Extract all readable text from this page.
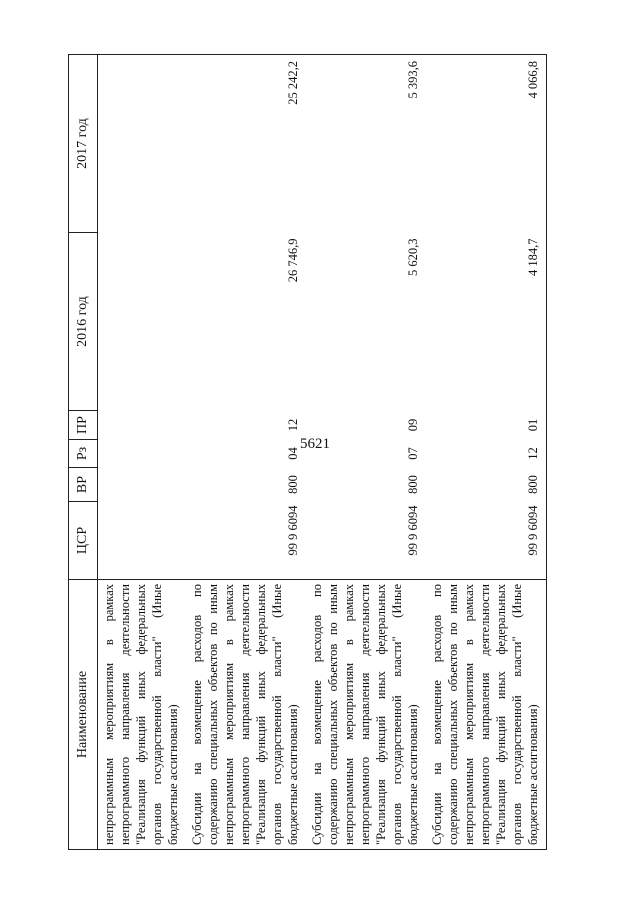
5621
Наименование	ЦСР	ВР	Рз	ПР	2016 год	2017 год
непрограммным мероприятиям в рамках непрограммного направления деятельности "Реализация функций иных федеральных органов государственной власти" (Иные бюджетные ассигнования)						
Субсидии на возмещение расходов по содержанию специальных объектов по иным непрограммным мероприятиям в рамках непрограммного направления деятельности "Реализация функций иных федеральных органов государственной власти" (Иные бюджетные ассигнования)	99 9 6094	800	04	12	26 746,9	25 242,2
Субсидии на возмещение расходов по содержанию специальных объектов по иным непрограммным мероприятиям в рамках непрограммного направления деятельности "Реализация функций иных федеральных органов государственной власти" (Иные бюджетные ассигнования)	99 9 6094	800	07	09	5 620,3	5 393,6
Субсидии на возмещение расходов по содержанию специальных объектов по иным непрограммным мероприятиям в рамках непрограммного направления деятельности "Реализация функций иных федеральных органов государственной власти" (Иные бюджетные ассигнования)	99 9 6094	800	12	01	4 184,7	4 066,8
